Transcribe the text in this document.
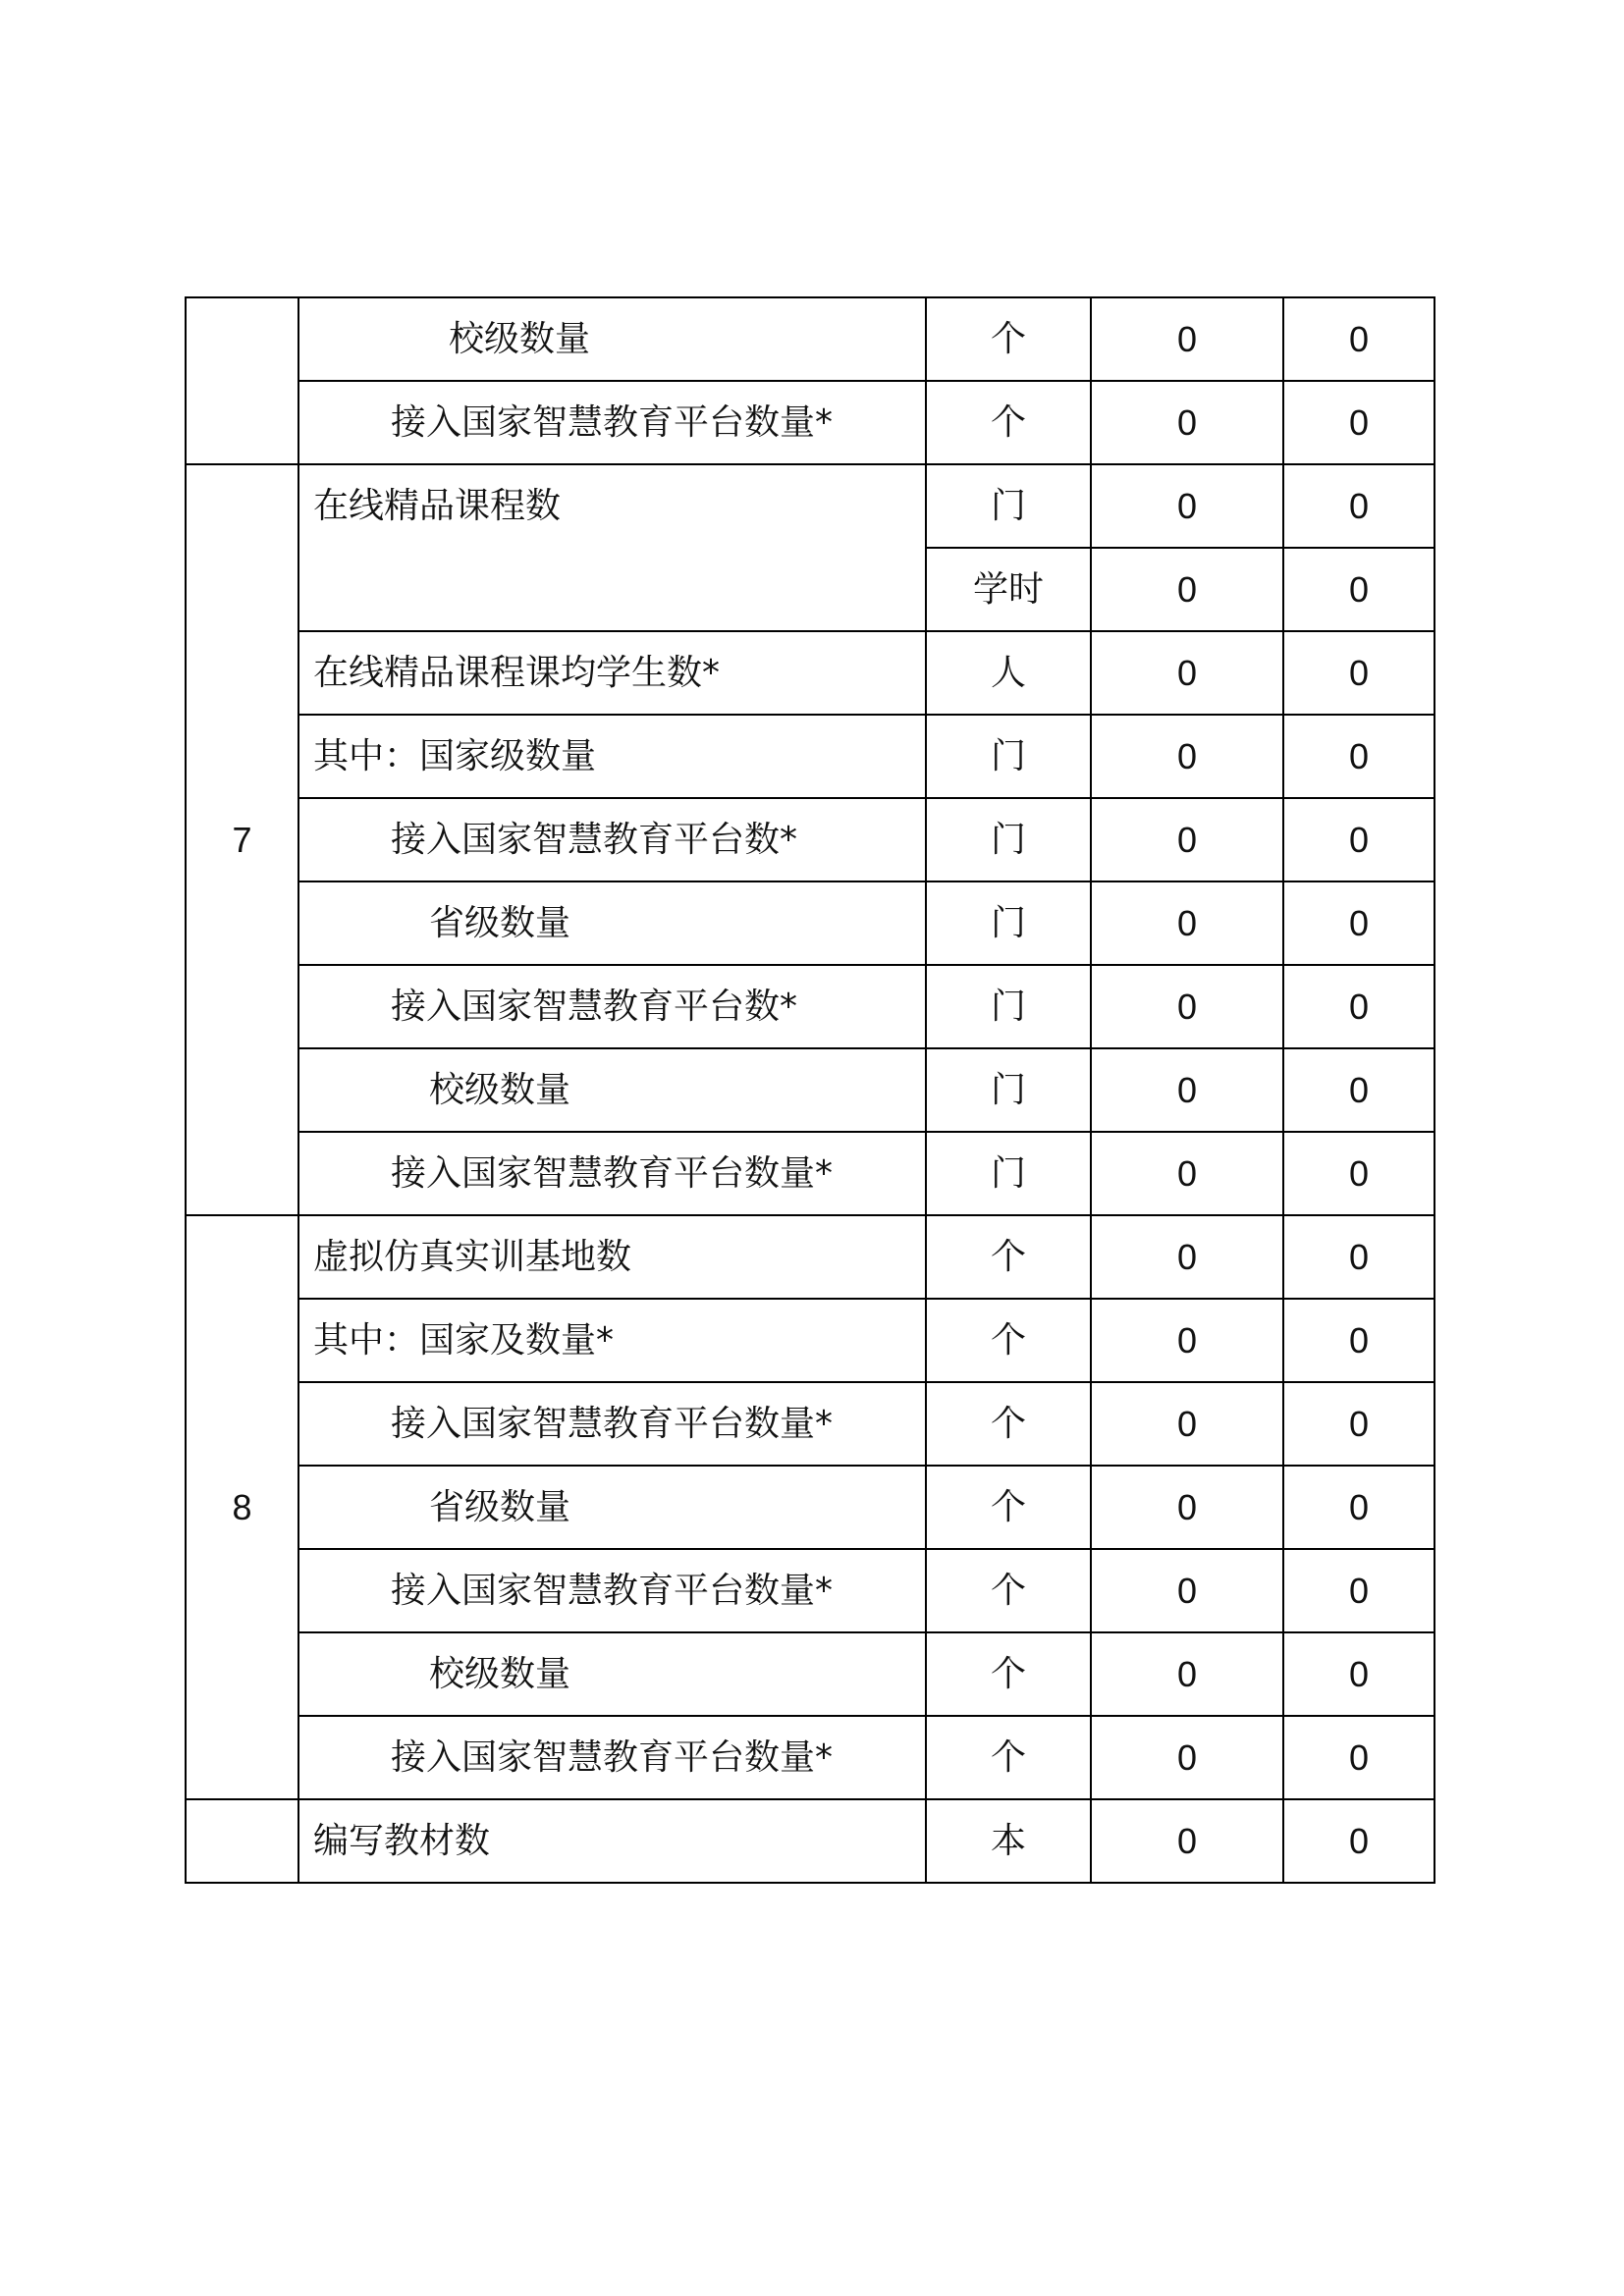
	校级数量	个	0	0
	接入国家智慧教育平台数量*	个	0	0
7	在线精品课程数	门	0	0
		学时	0	0
	在线精品课程课均学生数*	人	0	0
	其中：国家级数量	门	0	0
	接入国家智慧教育平台数*	门	0	0
	省级数量	门	0	0
	接入国家智慧教育平台数*	门	0	0
	校级数量	门	0	0
	接入国家智慧教育平台数量*	门	0	0
8	虚拟仿真实训基地数	个	0	0
	其中：国家及数量*	个	0	0
	接入国家智慧教育平台数量*	个	0	0
	省级数量	个	0	0
	接入国家智慧教育平台数量*	个	0	0
	校级数量	个	0	0
	接入国家智慧教育平台数量*	个	0	0
	编写教材数	本	0	0
